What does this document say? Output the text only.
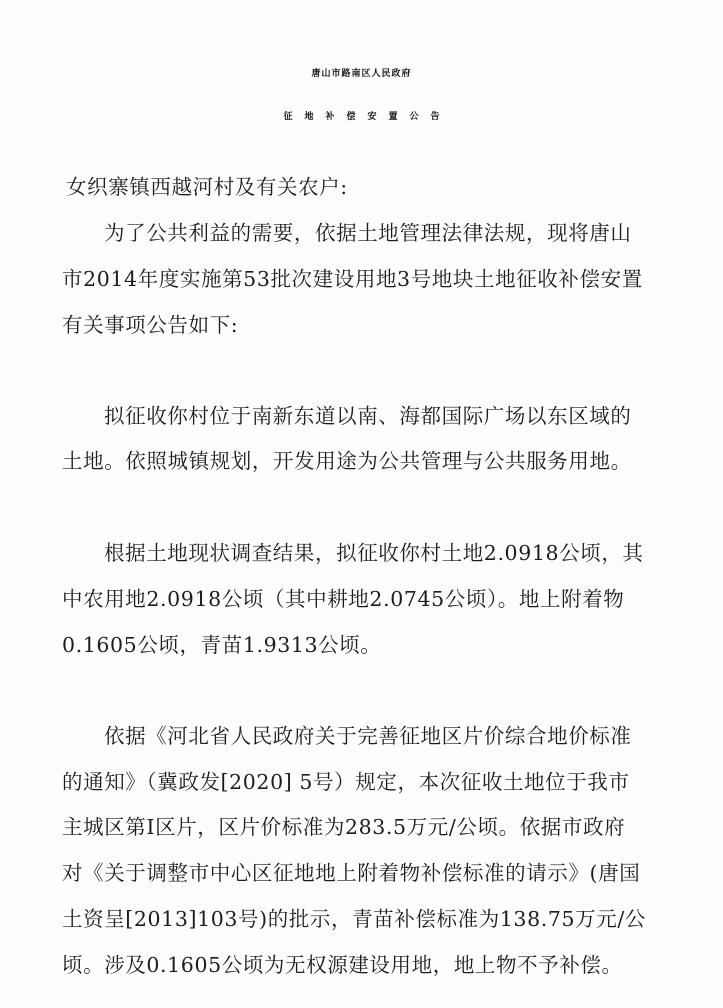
唐山市路南区人民政府
征地补偿安置公告
女织寨镇西越河村及有关农户:
为了公共利益的需要，依据土地管理法律法规，现将唐山
市2014年度实施第53批次建设用地3号地块土地征收补偿安置
有关事项公告如下:
拟征收你村位于南新东道以南、海都国际广场以东区域的
土地。依照城镇规划，开发用途为公共管理与公共服务用地。
根据土地现状调查结果，拟征收你村土地2.0918公顷，其
中农用地2.0918公顷（其中耕地2.0745公顷）。地上附着物
0.1605公顷，青苗1.9313公顷。
依据《河北省人民政府关于完善征地区片价综合地价标准
的通知》（冀政发[2020] 5号）规定，本次征收土地位于我市
主城区第Ⅰ区片，区片价标准为283.5万元/公顷。依据市政府
对《关于调整市中心区征地地上附着物补偿标准的请示》(唐国
土资呈[2013]103号)的批示，青苗补偿标准为138.75万元/公
顷。涉及0.1605公顷为无权源建设用地，地上物不予补偿。
